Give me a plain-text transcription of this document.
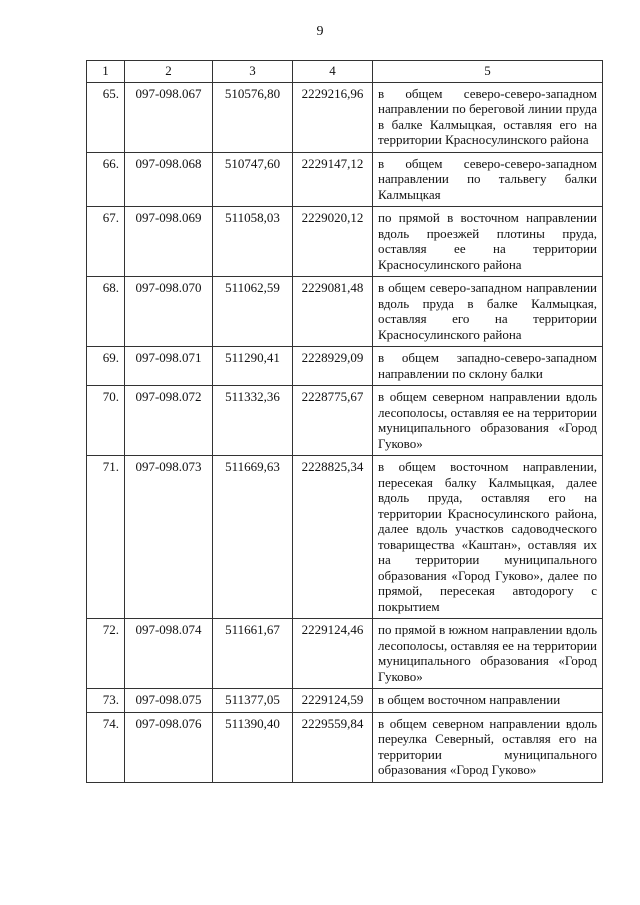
9
1	2	3	4	5
65.	097-098.067	510576,80	2229216,96	в общем северо-северо-западном направлении по береговой линии пруда в балке Калмыцкая, оставляя его на территории Красносулинского района
66.	097-098.068	510747,60	2229147,12	в общем северо-северо-западном направлении по тальвегу балки Калмыцкая
67.	097-098.069	511058,03	2229020,12	по прямой в восточном направлении вдоль проезжей плотины пруда, оставляя ее на территории Красносулинского района
68.	097-098.070	511062,59	2229081,48	в общем северо-западном направлении вдоль пруда в балке Калмыцкая, оставляя его на территории Красносулинского района
69.	097-098.071	511290,41	2228929,09	в общем западно-северо-западном направлении по склону балки
70.	097-098.072	511332,36	2228775,67	в общем северном направлении вдоль лесополосы, оставляя ее на территории муниципального образования «Город Гуково»
71.	097-098.073	511669,63	2228825,34	в общем восточном направлении, пересекая балку Калмыцкая, далее вдоль пруда, оставляя его на территории Красносулинского района, далее вдоль участков садоводческого товарищества «Каштан», оставляя их на территории муниципального образования «Город Гуково», далее по прямой, пересекая автодорогу с покрытием
72.	097-098.074	511661,67	2229124,46	по прямой в южном направлении вдоль лесополосы, оставляя ее на территории муниципального образования «Город Гуково»
73.	097-098.075	511377,05	2229124,59	в общем восточном направлении
74.	097-098.076	511390,40	2229559,84	в общем северном направлении вдоль переулка Северный, оставляя его на территории муниципального образования «Город Гуково»
